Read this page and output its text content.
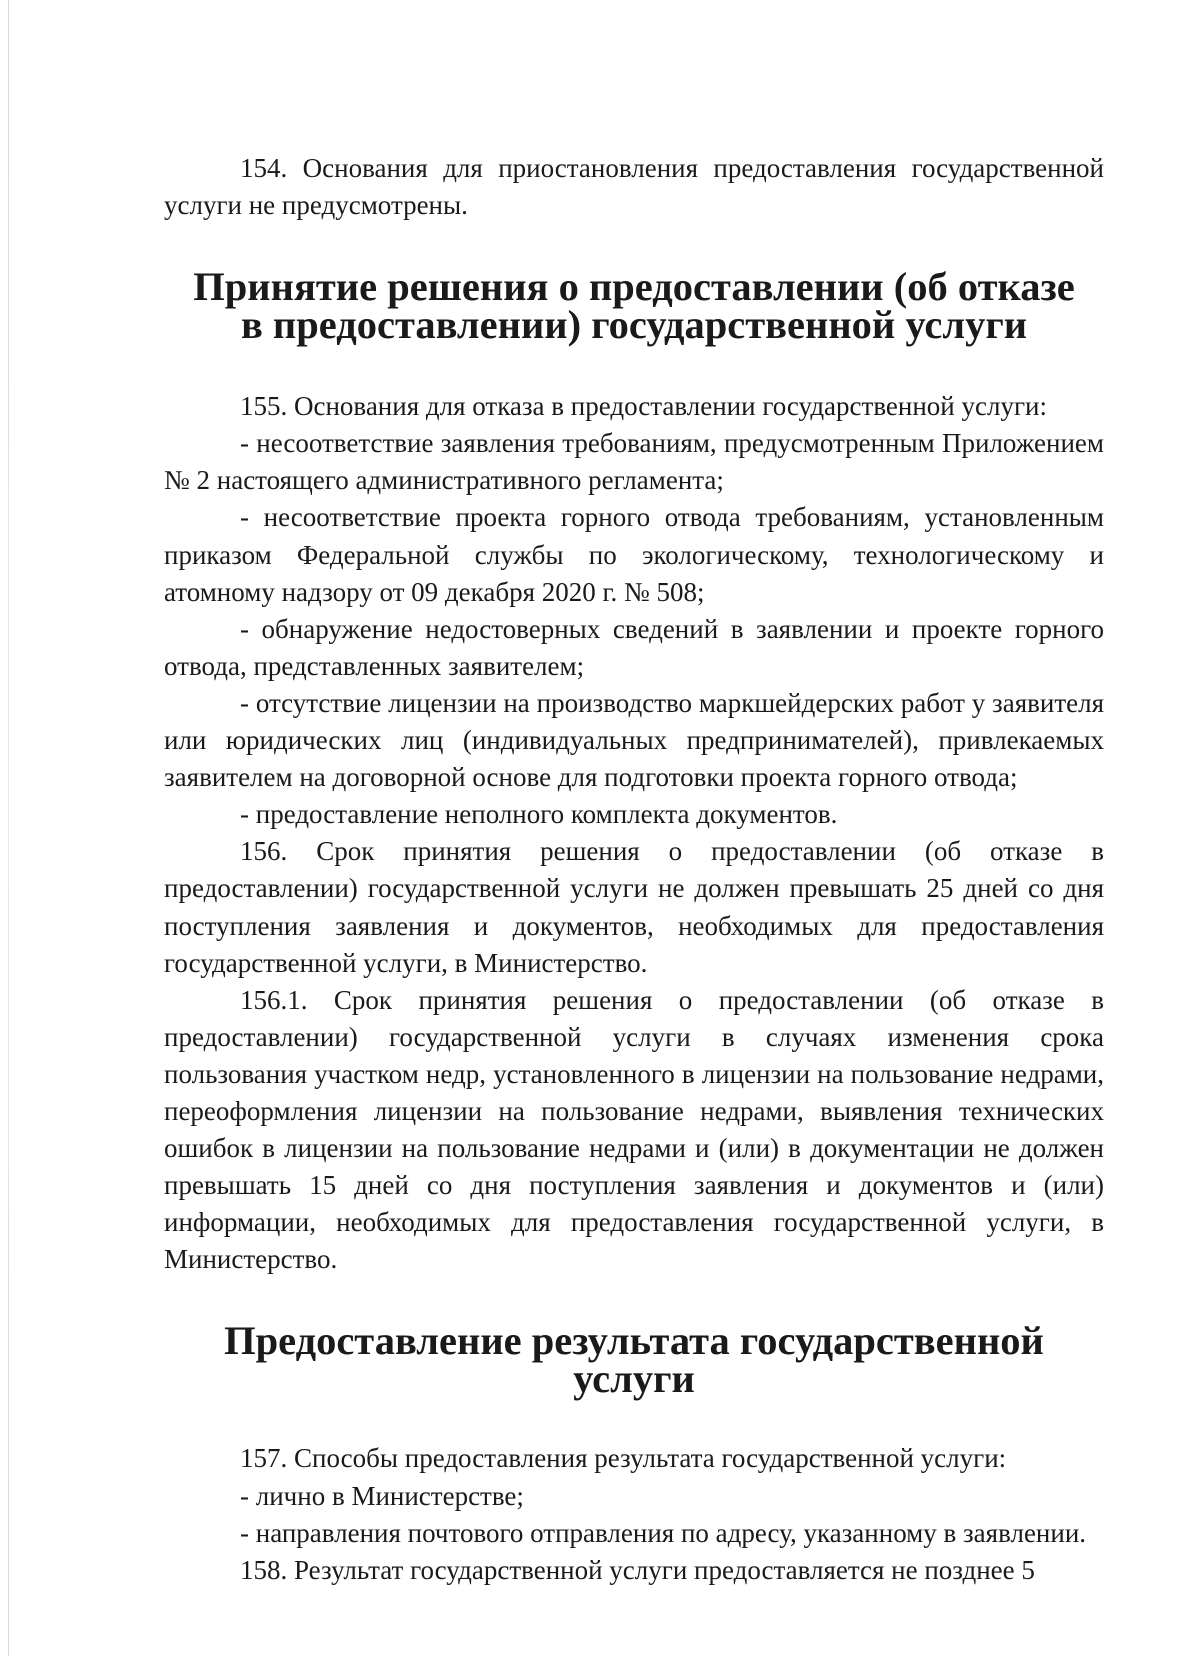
154. Основания для приостановления предоставления государственной услуги не предусмотрены.

Принятие решения о предоставлении (об отказе
в предоставлении) государственной услуги

155. Основания для отказа в предоставлении государственной услуги:

- несоответствие заявления требованиям, предусмотренным Приложением № 2 настоящего административного регламента;

- несоответствие проекта горного отвода требованиям, установленным приказом Федеральной службы по экологическому, технологическому и атомному надзору от 09 декабря 2020 г. № 508;

- обнаружение недостоверных сведений в заявлении и проекте горного отвода, представленных заявителем;

- отсутствие лицензии на производство маркшейдерских работ у заявителя или юридических лиц (индивидуальных предпринимателей), привлекаемых заявителем на договорной основе для подготовки проекта горного отвода;

- предоставление неполного комплекта документов.

156. Срок принятия решения о предоставлении (об отказе в предоставлении) государственной услуги не должен превышать 25 дней со дня поступления заявления и документов, необходимых для предоставления государственной услуги, в Министерство.

156.1. Срок принятия решения о предоставлении (об отказе в предоставлении) государственной услуги в случаях изменения срока пользования участком недр, установленного в лицензии на пользование недрами, переоформления лицензии на пользование недрами, выявления технических ошибок в лицензии на пользование недрами и (или) в документации не должен превышать 15 дней со дня поступления заявления и документов и (или) информации, необходимых для предоставления государственной услуги, в Министерство.

Предоставление результата государственной услуги

157. Способы предоставления результата государственной услуги:

- лично в Министерстве;

- направления почтового отправления по адресу, указанному в заявлении.

158. Результат государственной услуги предоставляется не позднее 5
